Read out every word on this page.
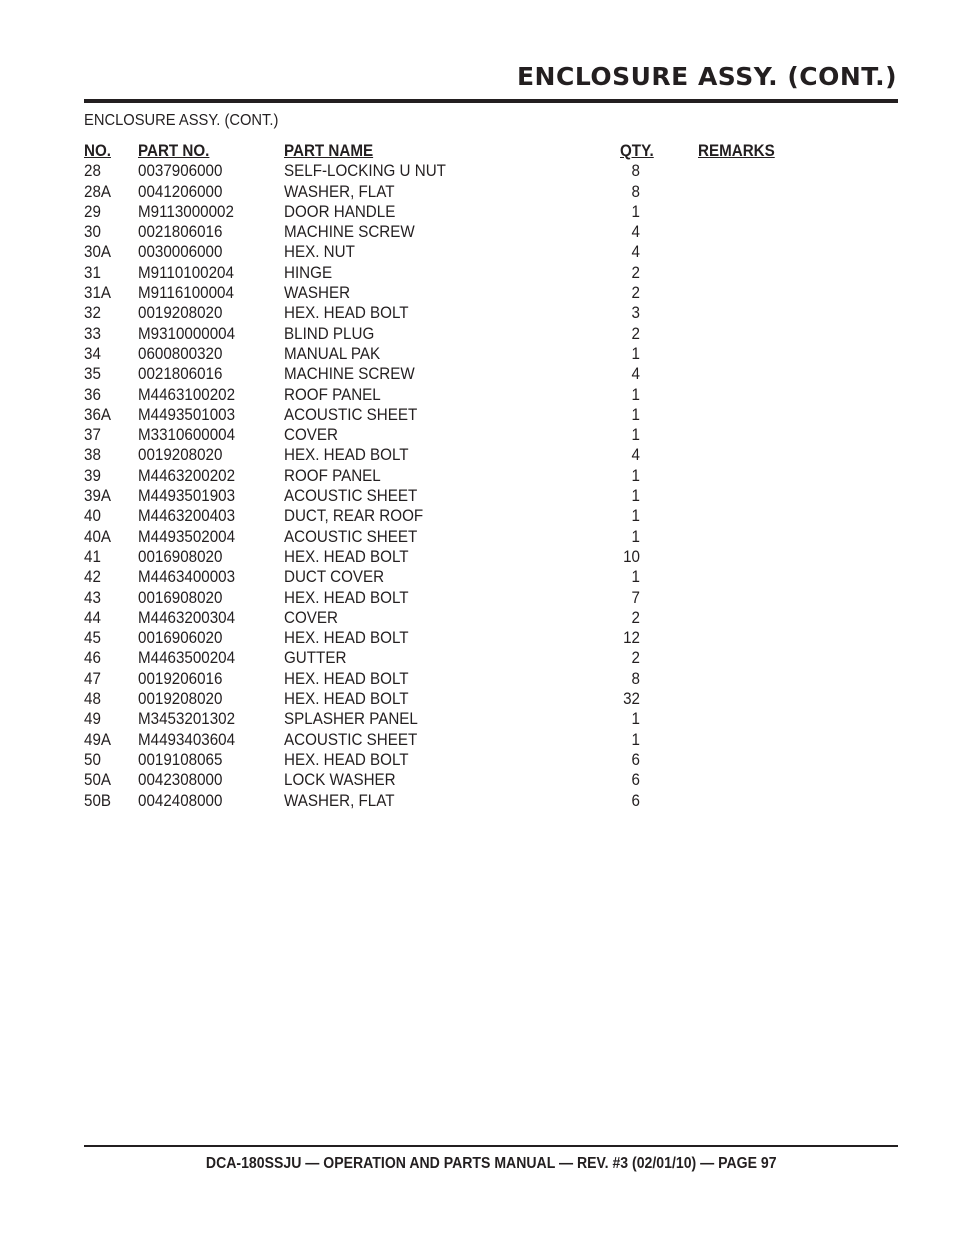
ENCLOSURE ASSY. (CONT.)
ENCLOSURE ASSY. (CONT.)
NO. PART NO.	PART NAME	QTY.	REMARKS
28 0037906000	SELF-LOCKING U NUT	8
28A 0041206000	WASHER, FLAT	8
29 M9113000002	DOOR HANDLE	1
30 0021806016	MACHINE SCREW	4
30A 0030006000	HEX. NUT	4
31 M9110100204	HINGE	2
31A M9116100004	WASHER	2
32 0019208020	HEX. HEAD BOLT	3
33 M9310000004	BLIND PLUG	2
34 0600800320	MANUAL PAK	1
35 0021806016	MACHINE SCREW	4
36 M4463100202	ROOF PANEL	1
36A M4493501003	ACOUSTIC SHEET	1
37 M3310600004	COVER	1
38 0019208020	HEX. HEAD BOLT	4
39 M4463200202	ROOF PANEL	1
39A M4493501903	ACOUSTIC SHEET	1
40 M4463200403	DUCT, REAR ROOF	1
40A M4493502004	ACOUSTIC SHEET	1
41 0016908020	HEX. HEAD BOLT	10
42 M4463400003	DUCT COVER	1
43 0016908020	HEX. HEAD BOLT	7
44 M4463200304	COVER	2
45 0016906020	HEX. HEAD BOLT	12
46 M4463500204	GUTTER	2
47 0019206016	HEX. HEAD BOLT	8
48 0019208020	HEX. HEAD BOLT	32
49 M3453201302	SPLASHER PANEL	1
49A M4493403604	ACOUSTIC SHEET	1
50 0019108065	HEX. HEAD BOLT	6
50A 0042308000	LOCK WASHER	6
50B 0042408000	WASHER, FLAT	6
DCA-180SSJU — OPERATION AND PARTS MANUAL — REV. #3 (02/01/10) — PAGE 97
